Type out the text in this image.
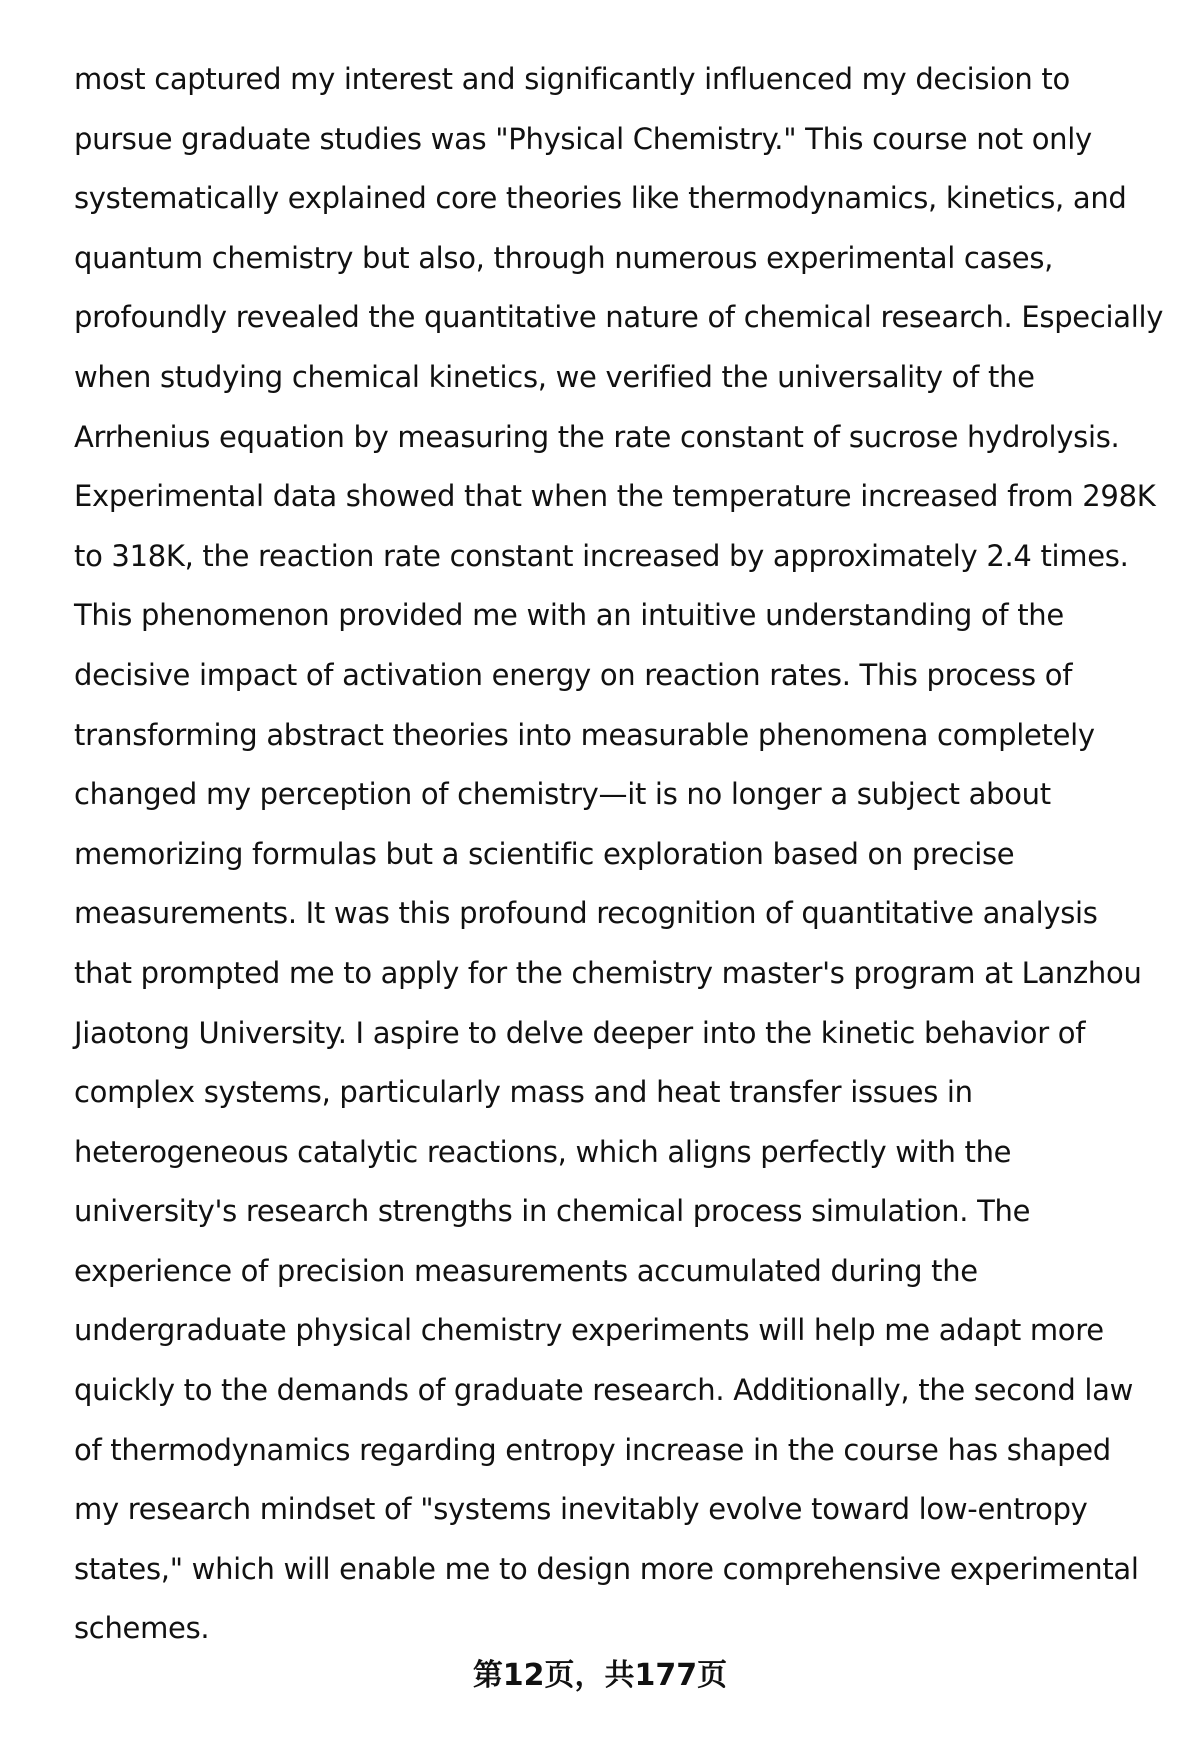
most captured my interest and significantly influenced my decision to
pursue graduate studies was "Physical Chemistry." This course not only
systematically explained core theories like thermodynamics, kinetics, and
quantum chemistry but also, through numerous experimental cases,
profoundly revealed the quantitative nature of chemical research. Especially
when studying chemical kinetics, we verified the universality of the
Arrhenius equation by measuring the rate constant of sucrose hydrolysis.
Experimental data showed that when the temperature increased from 298K
to 318K, the reaction rate constant increased by approximately 2.4 times.
This phenomenon provided me with an intuitive understanding of the
decisive impact of activation energy on reaction rates. This process of
transforming abstract theories into measurable phenomena completely
changed my perception of chemistry—it is no longer a subject about
memorizing formulas but a scientific exploration based on precise
measurements. It was this profound recognition of quantitative analysis
that prompted me to apply for the chemistry master's program at Lanzhou
Jiaotong University. I aspire to delve deeper into the kinetic behavior of
complex systems, particularly mass and heat transfer issues in
heterogeneous catalytic reactions, which aligns perfectly with the
university's research strengths in chemical process simulation. The
experience of precision measurements accumulated during the
undergraduate physical chemistry experiments will help me adapt more
quickly to the demands of graduate research. Additionally, the second law
of thermodynamics regarding entropy increase in the course has shaped
my research mindset of "systems inevitably evolve toward low-entropy
states," which will enable me to design more comprehensive experimental
schemes.
第12页，共177页
